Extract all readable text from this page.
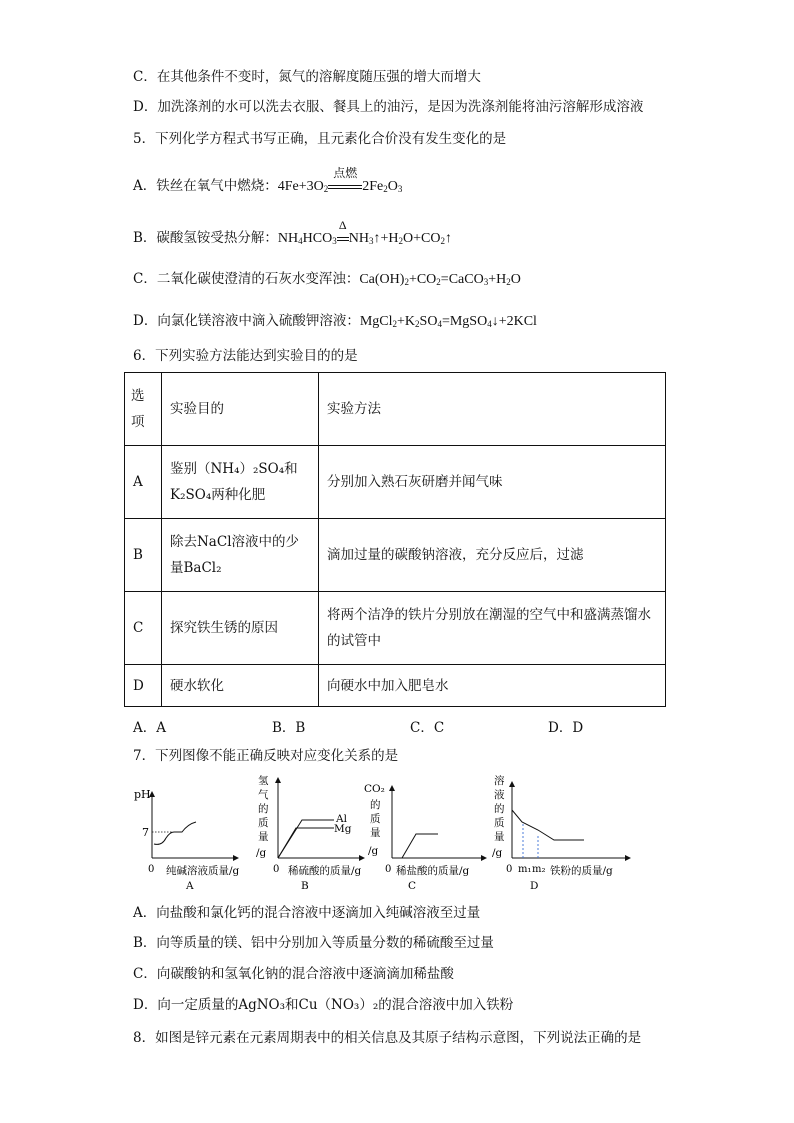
C．在其他条件不变时，氮气的溶解度随压强的增大而增大
D．加洗涤剂的水可以洗去衣服、餐具上的油污，是因为洗涤剂能将油污溶解形成溶液
5．下列化学方程式书写正确，且元素化合价没有发生变化的是
A．铁丝在氧气中燃烧：$4Fe+3O_2$
点燃
$2Fe_2O_3$
B．碳酸氢铵受热分解：$NH_4HCO_3$
Δ
$NH_3↑+H_2O+CO_2↑$
C．二氧化碳使澄清的石灰水变浑浊：$Ca(OH)_2+CO_2=CaCO_3+H_2O$
D．向氯化镁溶液中滴入硫酸钾溶液：$MgCl_2+K_2SO_4=MgSO_4↓+2KCl$
6．下列实验方法能达到实验目的的是
选项	实验目的	实验方法
A	鉴别（NH₄）₂SO₄和K₂SO₄两种化肥	分别加入熟石灰研磨并闻气味
B	除去NaCl溶液中的少量BaCl₂	滴加过量的碳酸钠溶液，充分反应后，过滤
C	探究铁生锈的原因	将两个洁净的铁片分别放在潮湿的空气中和盛满蒸馏水的试管中
D	硬水软化	向硬水中加入肥皂水
A．A	B．B	C．C	D．D
7．下列图像不能正确反映对应变化关系的是
pH
7
0 纯碱溶液质量/g
A
氢
气
的
质
量
/g
Al
Mg
0 稀硫酸的质量/g
B
CO₂
的
质
量
/g
0 稀盐酸的质量/g
C
溶
液
的
质
量
/g
0 m₁ m₂ 铁粉的质量/g
D
A．向盐酸和氯化钙的混合溶液中逐滴加入纯碱溶液至过量
B．向等质量的镁、铝中分别加入等质量分数的稀硫酸至过量
C．向碳酸钠和氢氧化钠的混合溶液中逐滴滴加稀盐酸
D．向一定质量的AgNO₃和Cu（NO₃）₂的混合溶液中加入铁粉
8．如图是锌元素在元素周期表中的相关信息及其原子结构示意图，下列说法正确的是
